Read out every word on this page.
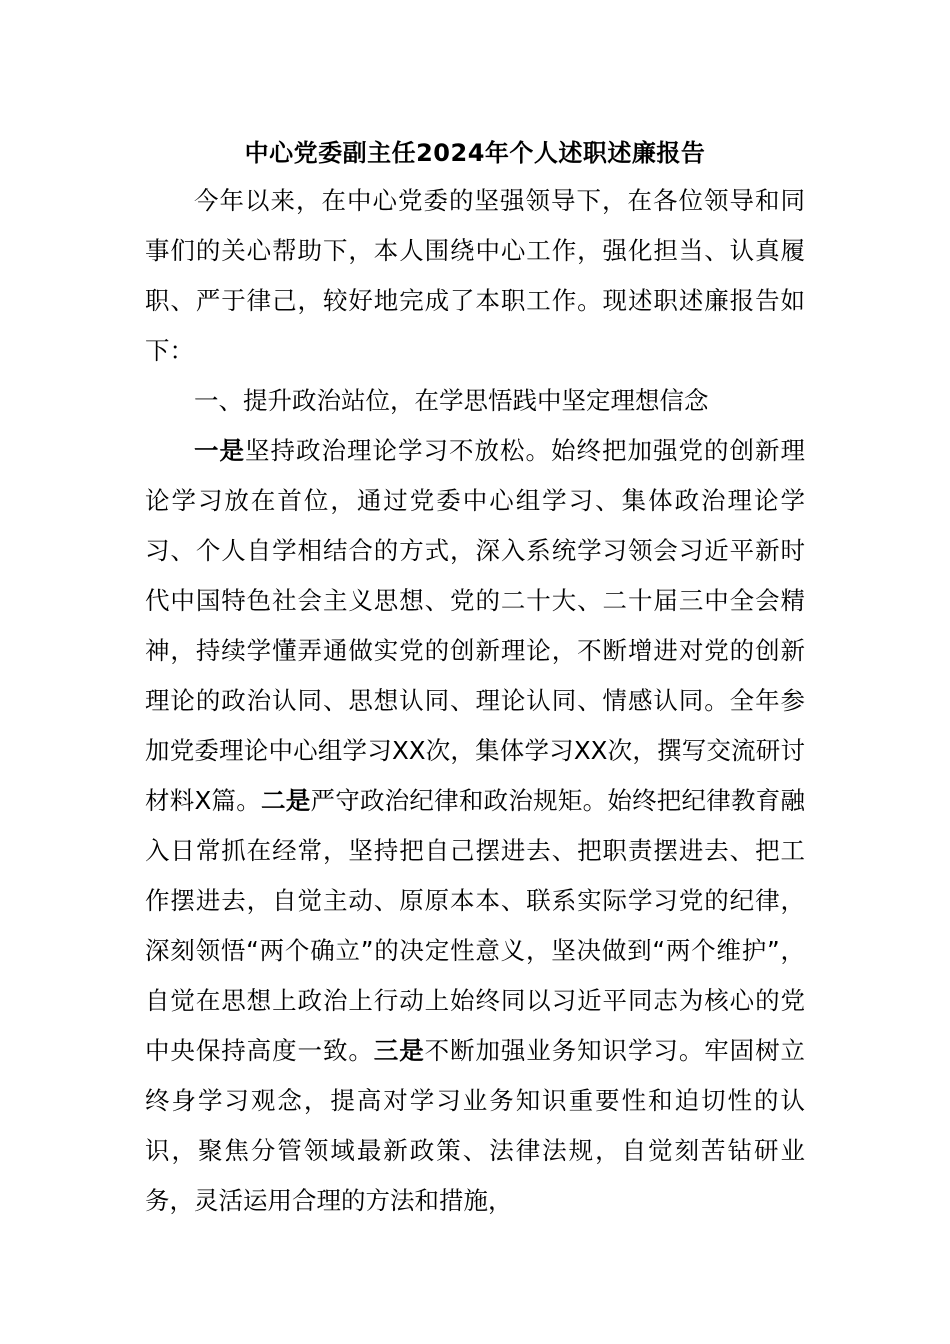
中心党委副主任2024年个人述职述廉报告

今年以来，在中心党委的坚强领导下，在各位领导和同事们的关心帮助下，本人围绕中心工作，强化担当、认真履职、严于律己，较好地完成了本职工作。现述职述廉报告如下：

一、提升政治站位，在学思悟践中坚定理想信念

一是坚持政治理论学习不放松。始终把加强党的创新理论学习放在首位，通过党委中心组学习、集体政治理论学习、个人自学相结合的方式，深入系统学习领会习近平新时代中国特色社会主义思想、党的二十大、二十届三中全会精神，持续学懂弄通做实党的创新理论，不断增进对党的创新理论的政治认同、思想认同、理论认同、情感认同。全年参加党委理论中心组学习XX次，集体学习XX次，撰写交流研讨材料X篇。二是严守政治纪律和政治规矩。始终把纪律教育融入日常抓在经常，坚持把自己摆进去、把职责摆进去、把工作摆进去，自觉主动、原原本本、联系实际学习党的纪律，深刻领悟“两个确立”的决定性意义，坚决做到“两个维护”，自觉在思想上政治上行动上始终同以习近平同志为核心的党中央保持高度一致。三是不断加强业务知识学习。牢固树立终身学习观念，提高对学习业务知识重要性和迫切性的认识，聚焦分管领域最新政策、法律法规，自觉刻苦钻研业务，灵活运用合理的方法和措施，
